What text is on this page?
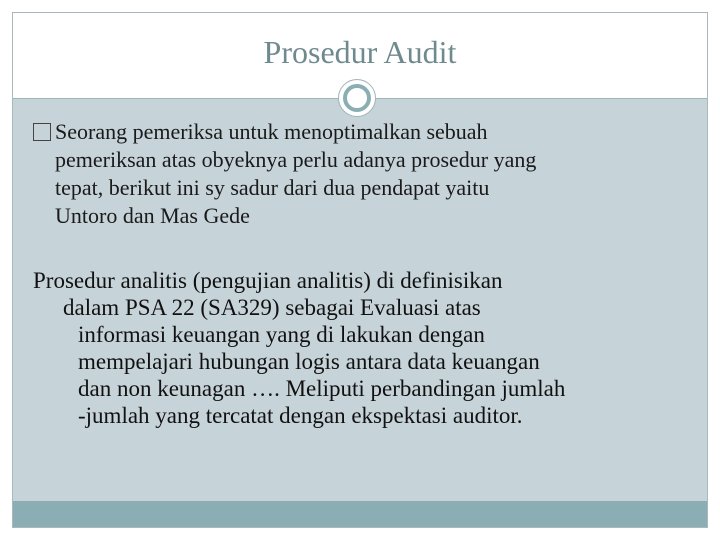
Prosedur Audit
Seorang pemeriksa untuk menoptimalkan sebuah
pemeriksan atas obyeknya perlu adanya prosedur yang
tepat, berikut ini sy sadur dari dua pendapat yaitu
Untoro dan Mas Gede
Prosedur analitis (pengujian analitis) di definisikan
dalam PSA 22 (SA329) sebagai Evaluasi atas
informasi keuangan yang di lakukan dengan
mempelajari hubungan logis antara data keuangan
dan non keunagan …. Meliputi perbandingan jumlah
-jumlah yang tercatat dengan ekspektasi auditor.
